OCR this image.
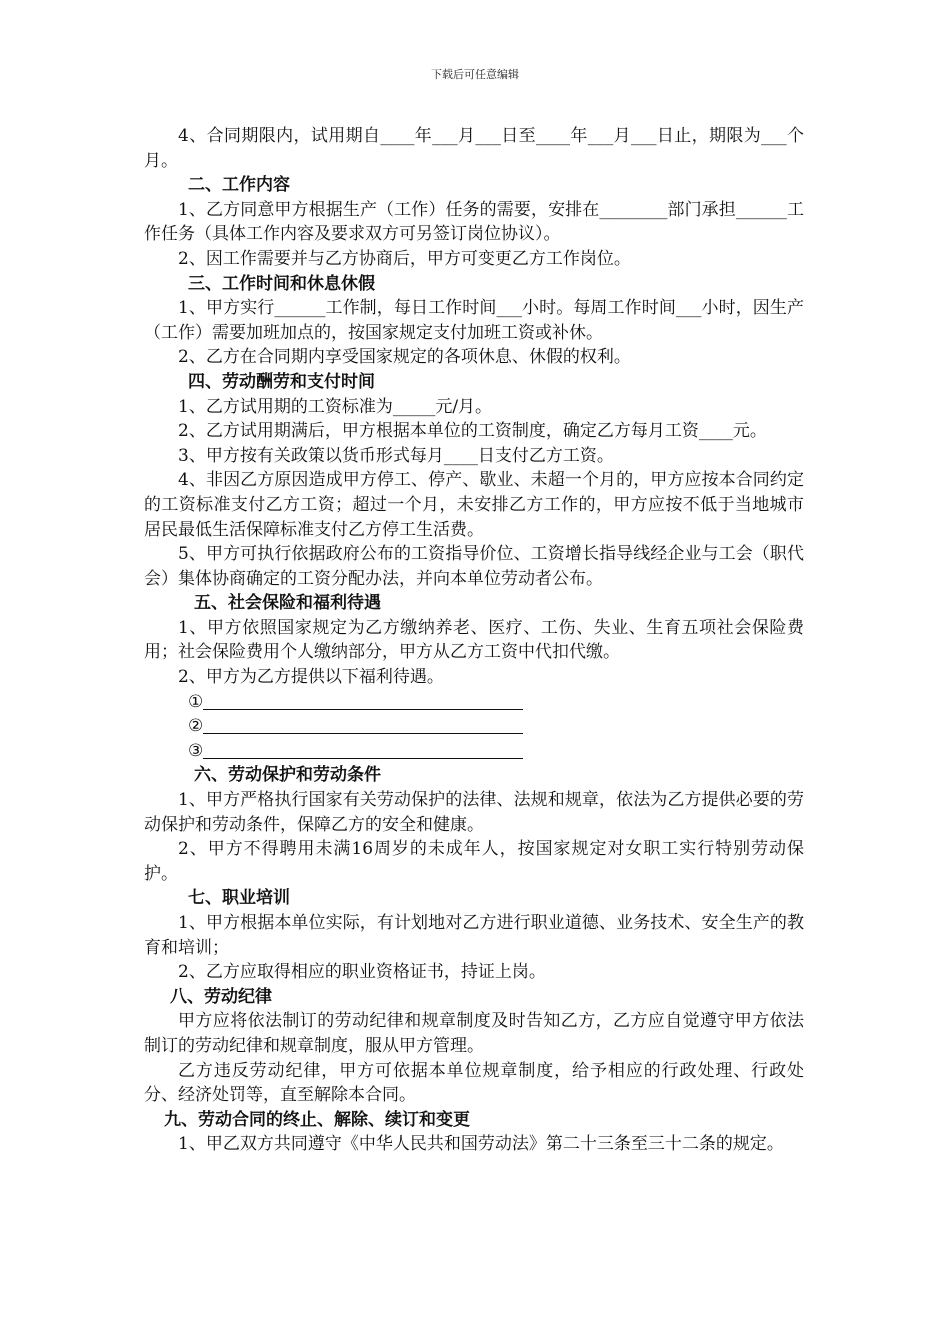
下载后可任意编辑

4、合同期限内，试用期自____年___月___日至____年___月___日止，期限为___个月。

二、工作内容

1、乙方同意甲方根据生产（工作）任务的需要，安排在________部门承担______工作任务（具体工作内容及要求双方可另签订岗位协议）。

2、因工作需要并与乙方协商后，甲方可变更乙方工作岗位。

三、工作时间和休息休假

1、甲方实行______工作制，每日工作时间___小时。每周工作时间___小时，因生产（工作）需要加班加点的，按国家规定支付加班工资或补休。

2、乙方在合同期内享受国家规定的各项休息、休假的权利。

四、劳动酬劳和支付时间

1、乙方试用期的工资标准为_____元/月。

2、乙方试用期满后，甲方根据本单位的工资制度，确定乙方每月工资____元。

3、甲方按有关政策以货币形式每月____日支付乙方工资。

4、非因乙方原因造成甲方停工、停产、歇业、未超一个月的，甲方应按本合同约定的工资标准支付乙方工资；超过一个月，未安排乙方工作的，甲方应按不低于当地城市居民最低生活保障标准支付乙方停工生活费。

5、甲方可执行依据政府公布的工资指导价位、工资增长指导线经企业与工会（职代会）集体协商确定的工资分配办法，并向本单位劳动者公布。

五、社会保险和福利待遇

1、甲方依照国家规定为乙方缴纳养老、医疗、工伤、失业、生育五项社会保险费用；社会保险费用个人缴纳部分，甲方从乙方工资中代扣代缴。

2、甲方为乙方提供以下福利待遇。

①

②

③

六、劳动保护和劳动条件

1、甲方严格执行国家有关劳动保护的法律、法规和规章，依法为乙方提供必要的劳动保护和劳动条件，保障乙方的安全和健康。

2、甲方不得聘用未满16周岁的未成年人，按国家规定对女职工实行特别劳动保护。

七、职业培训

1、甲方根据本单位实际，有计划地对乙方进行职业道德、业务技术、安全生产的教育和培训；

2、乙方应取得相应的职业资格证书，持证上岗。

八、劳动纪律

甲方应将依法制订的劳动纪律和规章制度及时告知乙方，乙方应自觉遵守甲方依法制订的劳动纪律和规章制度，服从甲方管理。

乙方违反劳动纪律，甲方可依据本单位规章制度，给予相应的行政处理、行政处分、经济处罚等，直至解除本合同。

九、劳动合同的终止、解除、续订和变更

1、甲乙双方共同遵守《中华人民共和国劳动法》第二十三条至三十二条的规定。
